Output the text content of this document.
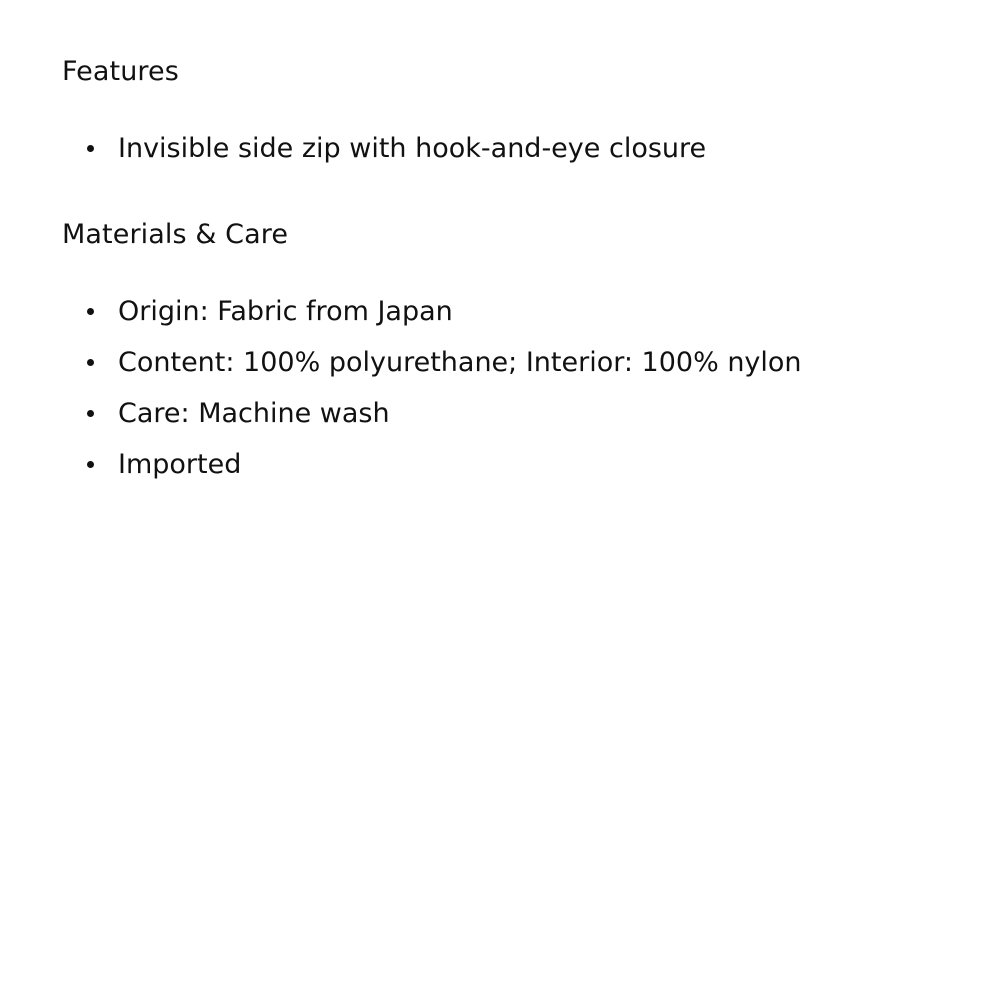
Features
Invisible side zip with hook-and-eye closure
Materials & Care
Origin: Fabric from Japan
Content: 100% polyurethane; Interior: 100% nylon
Care: Machine wash
Imported
